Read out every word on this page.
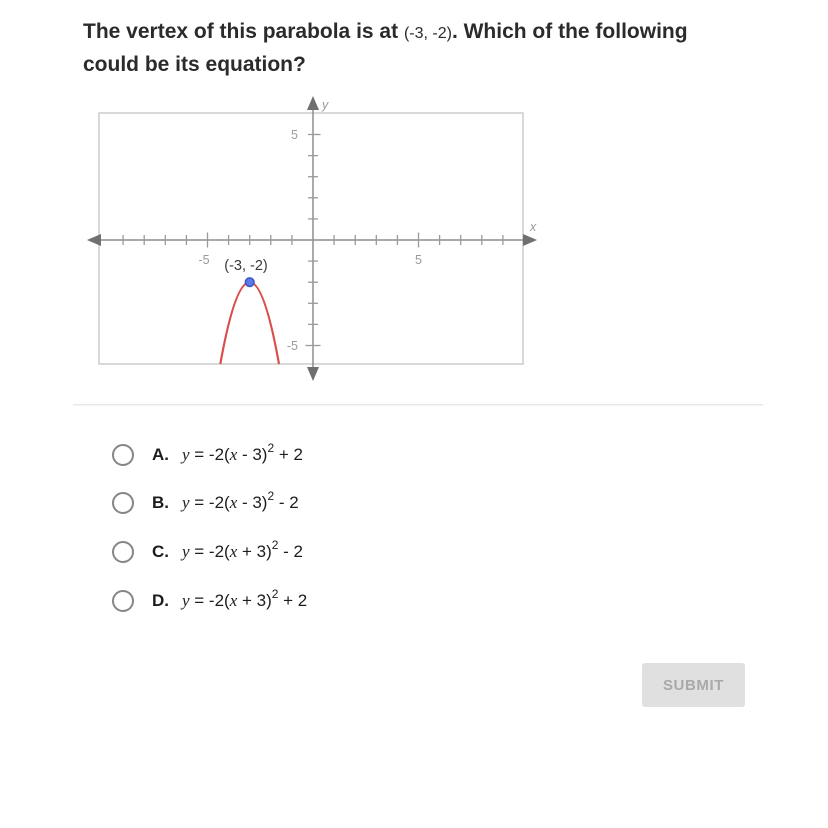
The vertex of this parabola is at (-3, -2). Which of the following
could be its equation?
-5	5
5
-5
y
x
(-3, -2)
A. y = -2(x - 3)$^2$ + 2
B. y = -2(x - 3)$^2$ - 2
C. $y = -2(x + 3)^2 - 2$
D. $y = -2(x + 3)^2 + 2$
SUBMIT
